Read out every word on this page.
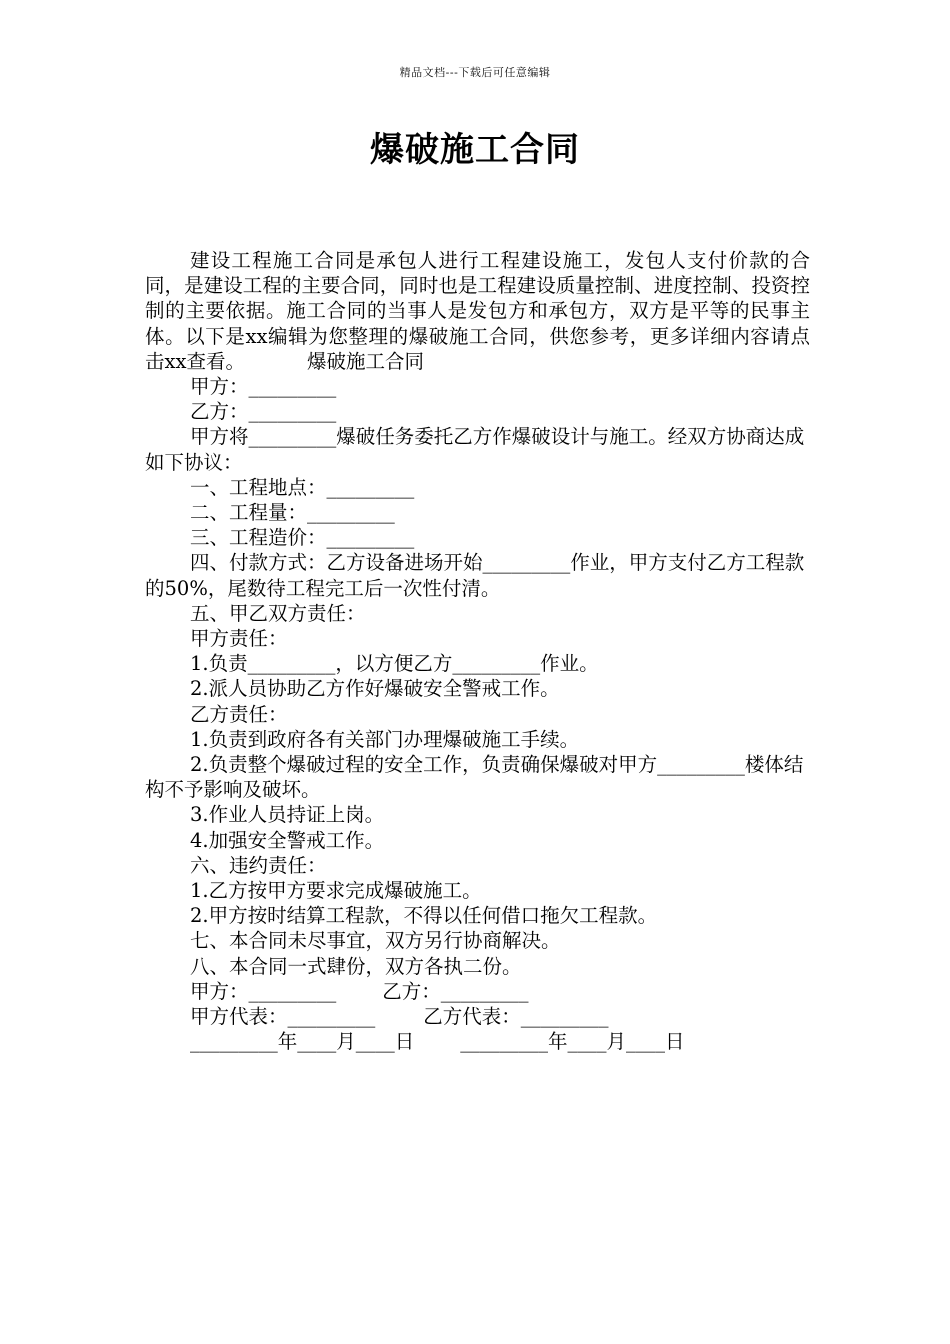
精品文档---下载后可任意编辑
爆破施工合同

建设工程施工合同是承包人进行工程建设施工，发包人支付价款的合同，是建设工程的主要合同，同时也是工程建设质量控制、进度控制、投资控制的主要依据。施工合同的当事人是发包方和承包方，双方是平等的民事主体。以下是xx编辑为您整理的爆破施工合同，供您参考，更多详细内容请点击xx查看。	爆破施工合同

甲方：_________

乙方：_________

甲方将_________爆破任务委托乙方作爆破设计与施工。经双方协商达成如下协议：

一、工程地点：_________

二、工程量：_________

三、工程造价：_________

四、付款方式：乙方设备进场开始_________作业，甲方支付乙方工程款的50%，尾数待工程完工后一次性付清。

五、甲乙双方责任：

甲方责任：

1.负责_________，以方便乙方_________作业。

2.派人员协助乙方作好爆破安全警戒工作。

乙方责任：

1.负责到政府各有关部门办理爆破施工手续。

2.负责整个爆破过程的安全工作，负责确保爆破对甲方_________楼体结构不予影响及破坏。

3.作业人员持证上岗。

4.加强安全警戒工作。

六、违约责任：

1.乙方按甲方要求完成爆破施工。

2.甲方按时结算工程款，不得以任何借口拖欠工程款。

七、本合同未尽事宜，双方另行协商解决。

八、本合同一式肆份，双方各执二份。

甲方：_________ 乙方：_________

甲方代表：_________ 乙方代表：_________

_________年____月____日 _________年____月____日
